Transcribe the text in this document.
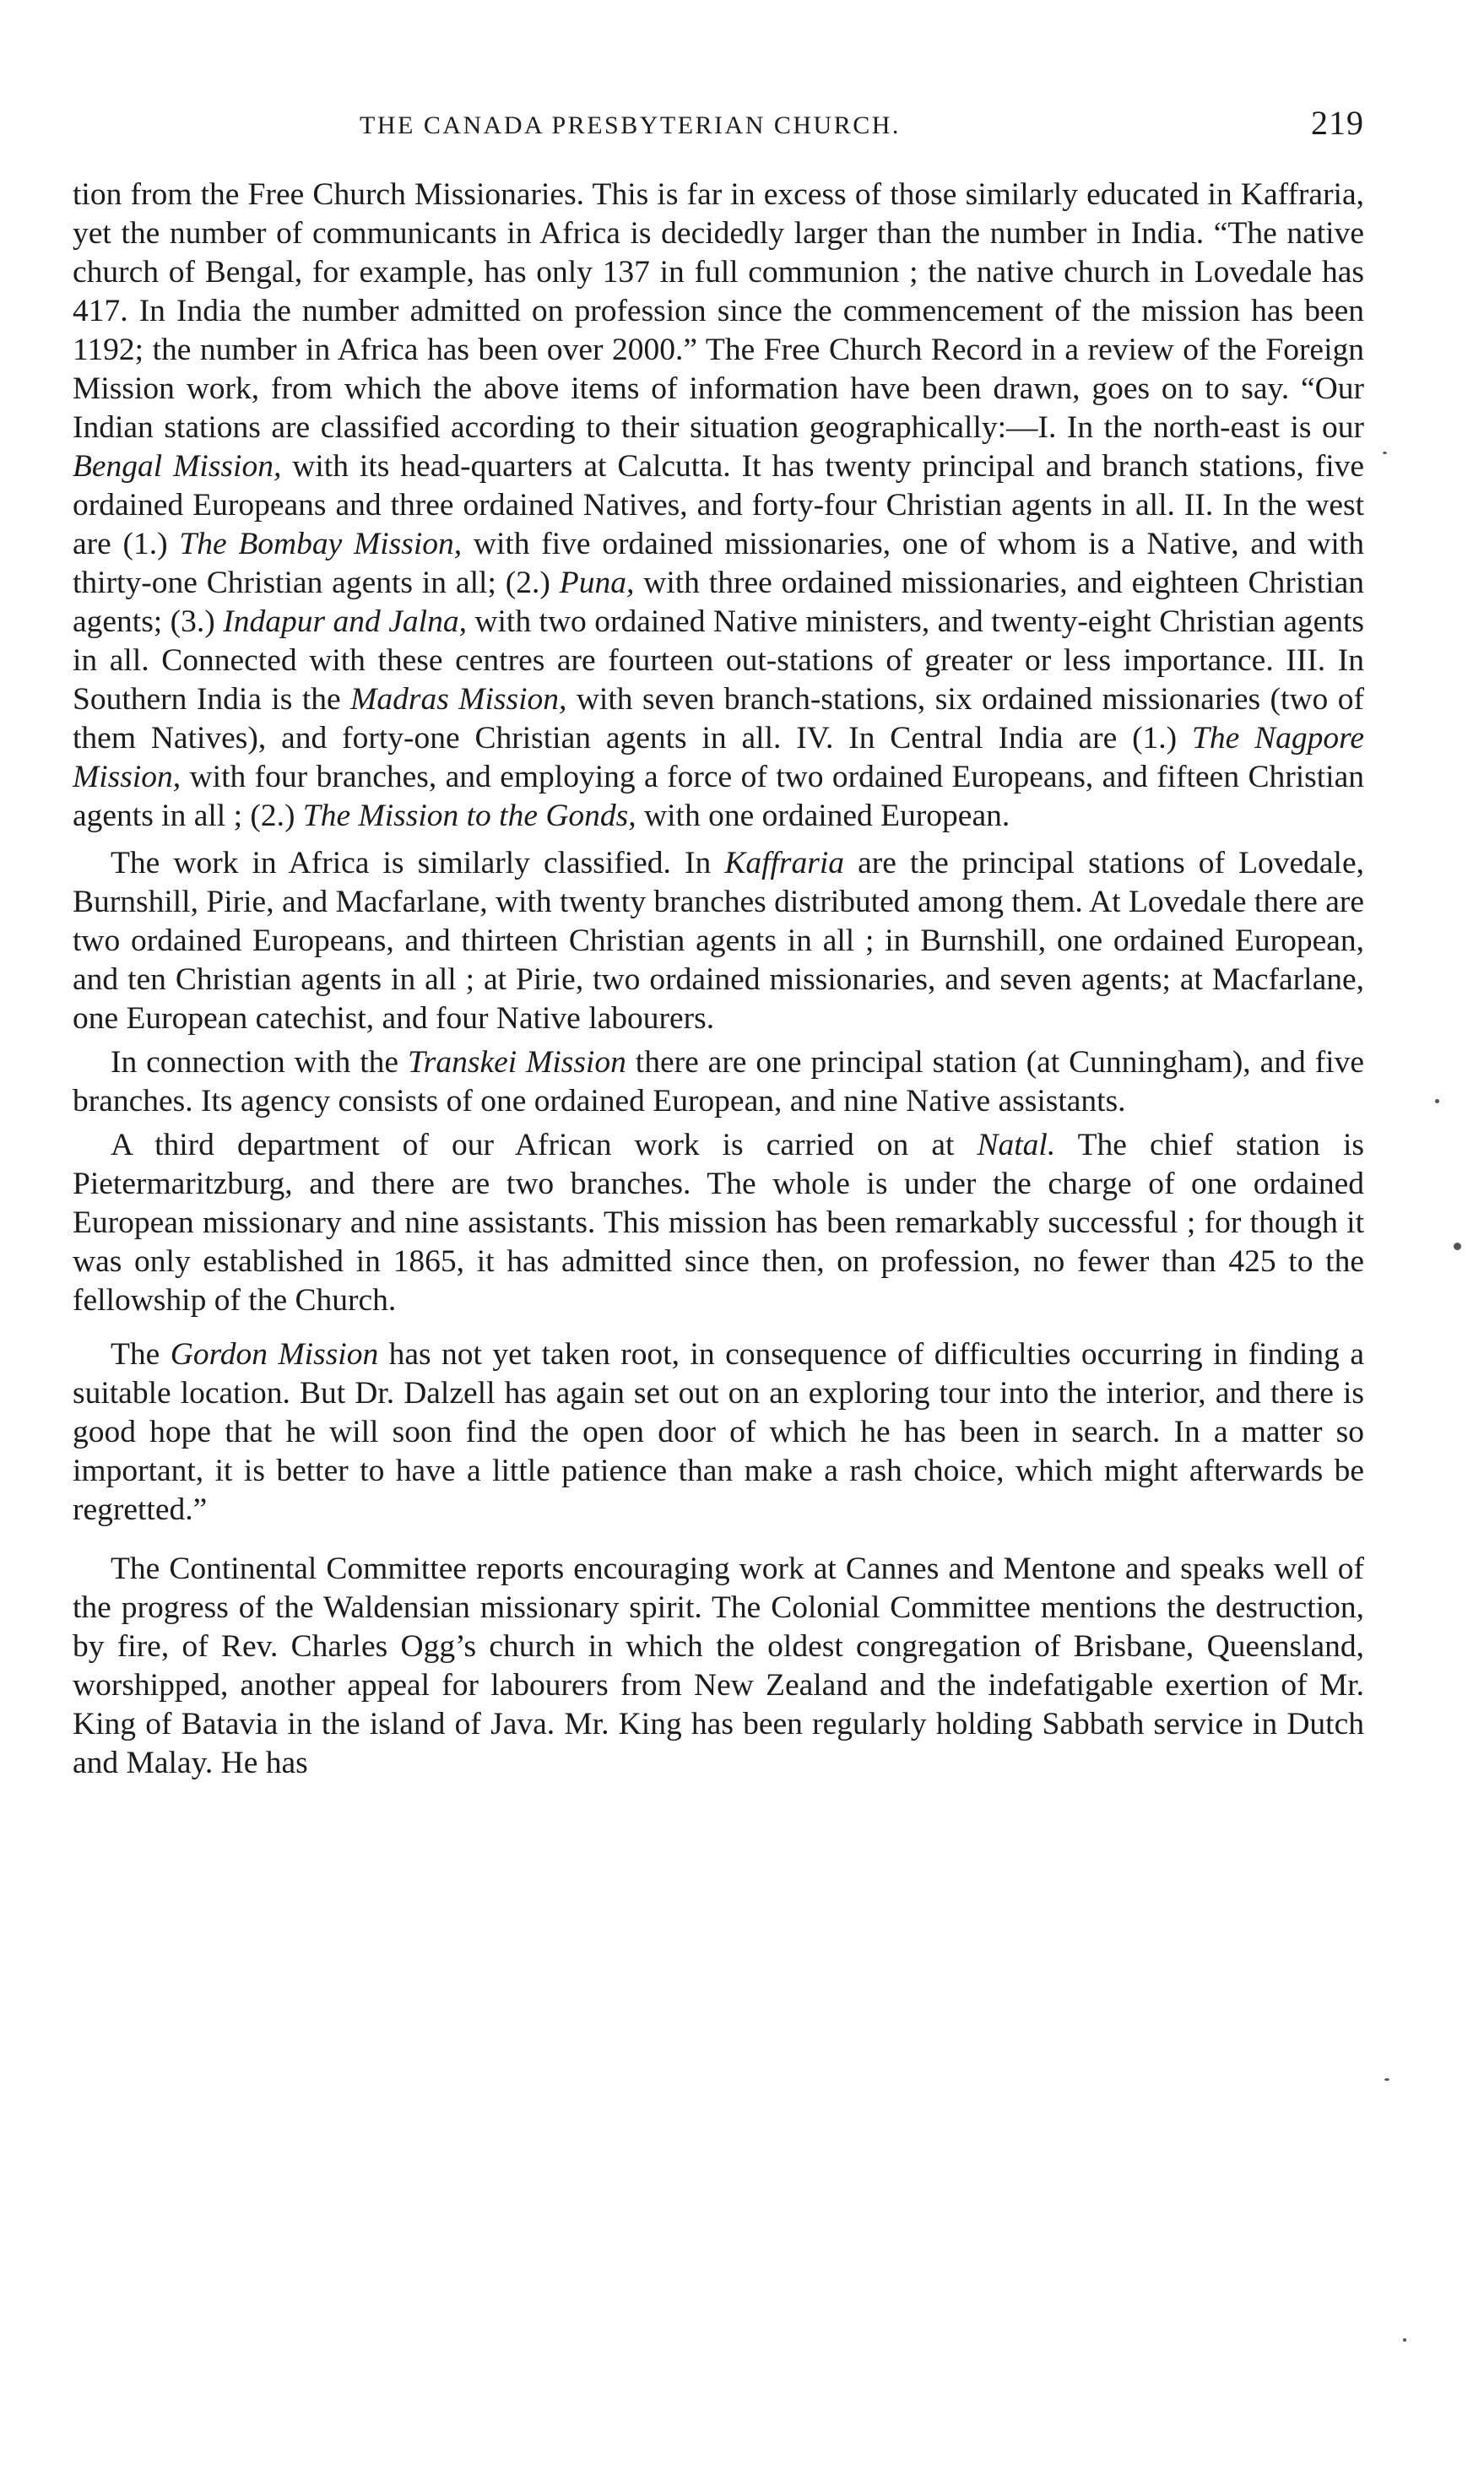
THE CANADA PRESBYTERIAN CHURCH.	219

tion from the Free Church Missionaries. This is far in excess of those similarly educated in Kaffraria, yet the number of communicants in Africa is decidedly larger than the number in India. “The native church of Bengal, for example, has only 137 in full communion ; the native church in Lovedale has 417. In India the number admitted on profession since the commencement of the mission has been 1192; the number in Africa has been over 2000.” The Free Church Record in a review of the Foreign Mission work, from which the above items of information have been drawn, goes on to say. “Our Indian stations are classified according to their situation geographically:—I. In the north-east is our Bengal Mission, with its head-quarters at Calcutta. It has twenty principal and branch stations, five ordained Europeans and three ordained Natives, and forty-four Christian agents in all. II. In the west are (1.) The Bombay Mission, with five ordained missionaries, one of whom is a Native, and with thirty-one Christian agents in all; (2.) Puna, with three ordained missionaries, and eighteen Christian agents; (3.) Indapur and Jalna, with two ordained Native ministers, and twenty-eight Christian agents in all. Connected with these centres are fourteen out-stations of greater or less importance. III. In Southern India is the Madras Mission, with seven branch-stations, six ordained missionaries (two of them Natives), and forty-one Christian agents in all. IV. In Central India are (1.) The Nagpore Mission, with four branches, and employing a force of two ordained Europeans, and fifteen Christian agents in all ; (2.) The Mission to the Gonds, with one ordained European.

The work in Africa is similarly classified. In Kaffraria are the principal stations of Lovedale, Burnshill, Pirie, and Macfarlane, with twenty branches distributed among them. At Lovedale there are two ordained Europeans, and thirteen Christian agents in all ; in Burnshill, one ordained European, and ten Christian agents in all ; at Pirie, two ordained missionaries, and seven agents; at Macfarlane, one European catechist, and four Native labourers.

In connection with the Transkei Mission there are one principal station (at Cunningham), and five branches. Its agency consists of one ordained European, and nine Native assistants.

A third department of our African work is carried on at Natal. The chief station is Pietermaritzburg, and there are two branches. The whole is under the charge of one ordained European missionary and nine assistants. This mission has been remarkably successful ; for though it was only established in 1865, it has admitted since then, on profession, no fewer than 425 to the fellowship of the Church.

The Gordon Mission has not yet taken root, in consequence of difficulties occurring in finding a suitable location. But Dr. Dalzell has again set out on an exploring tour into the interior, and there is good hope that he will soon find the open door of which he has been in search. In a matter so important, it is better to have a little patience than make a rash choice, which might afterwards be regretted.”

The Continental Committee reports encouraging work at Cannes and Mentone and speaks well of the progress of the Waldensian missionary spirit. The Colonial Committee mentions the destruction, by fire, of Rev. Charles Ogg’s church in which the oldest congregation of Brisbane, Queensland, worshipped, another appeal for labourers from New Zealand and the indefatigable exertion of Mr. King of Batavia in the island of Java. Mr. King has been regularly holding Sabbath service in Dutch and Malay. He has
